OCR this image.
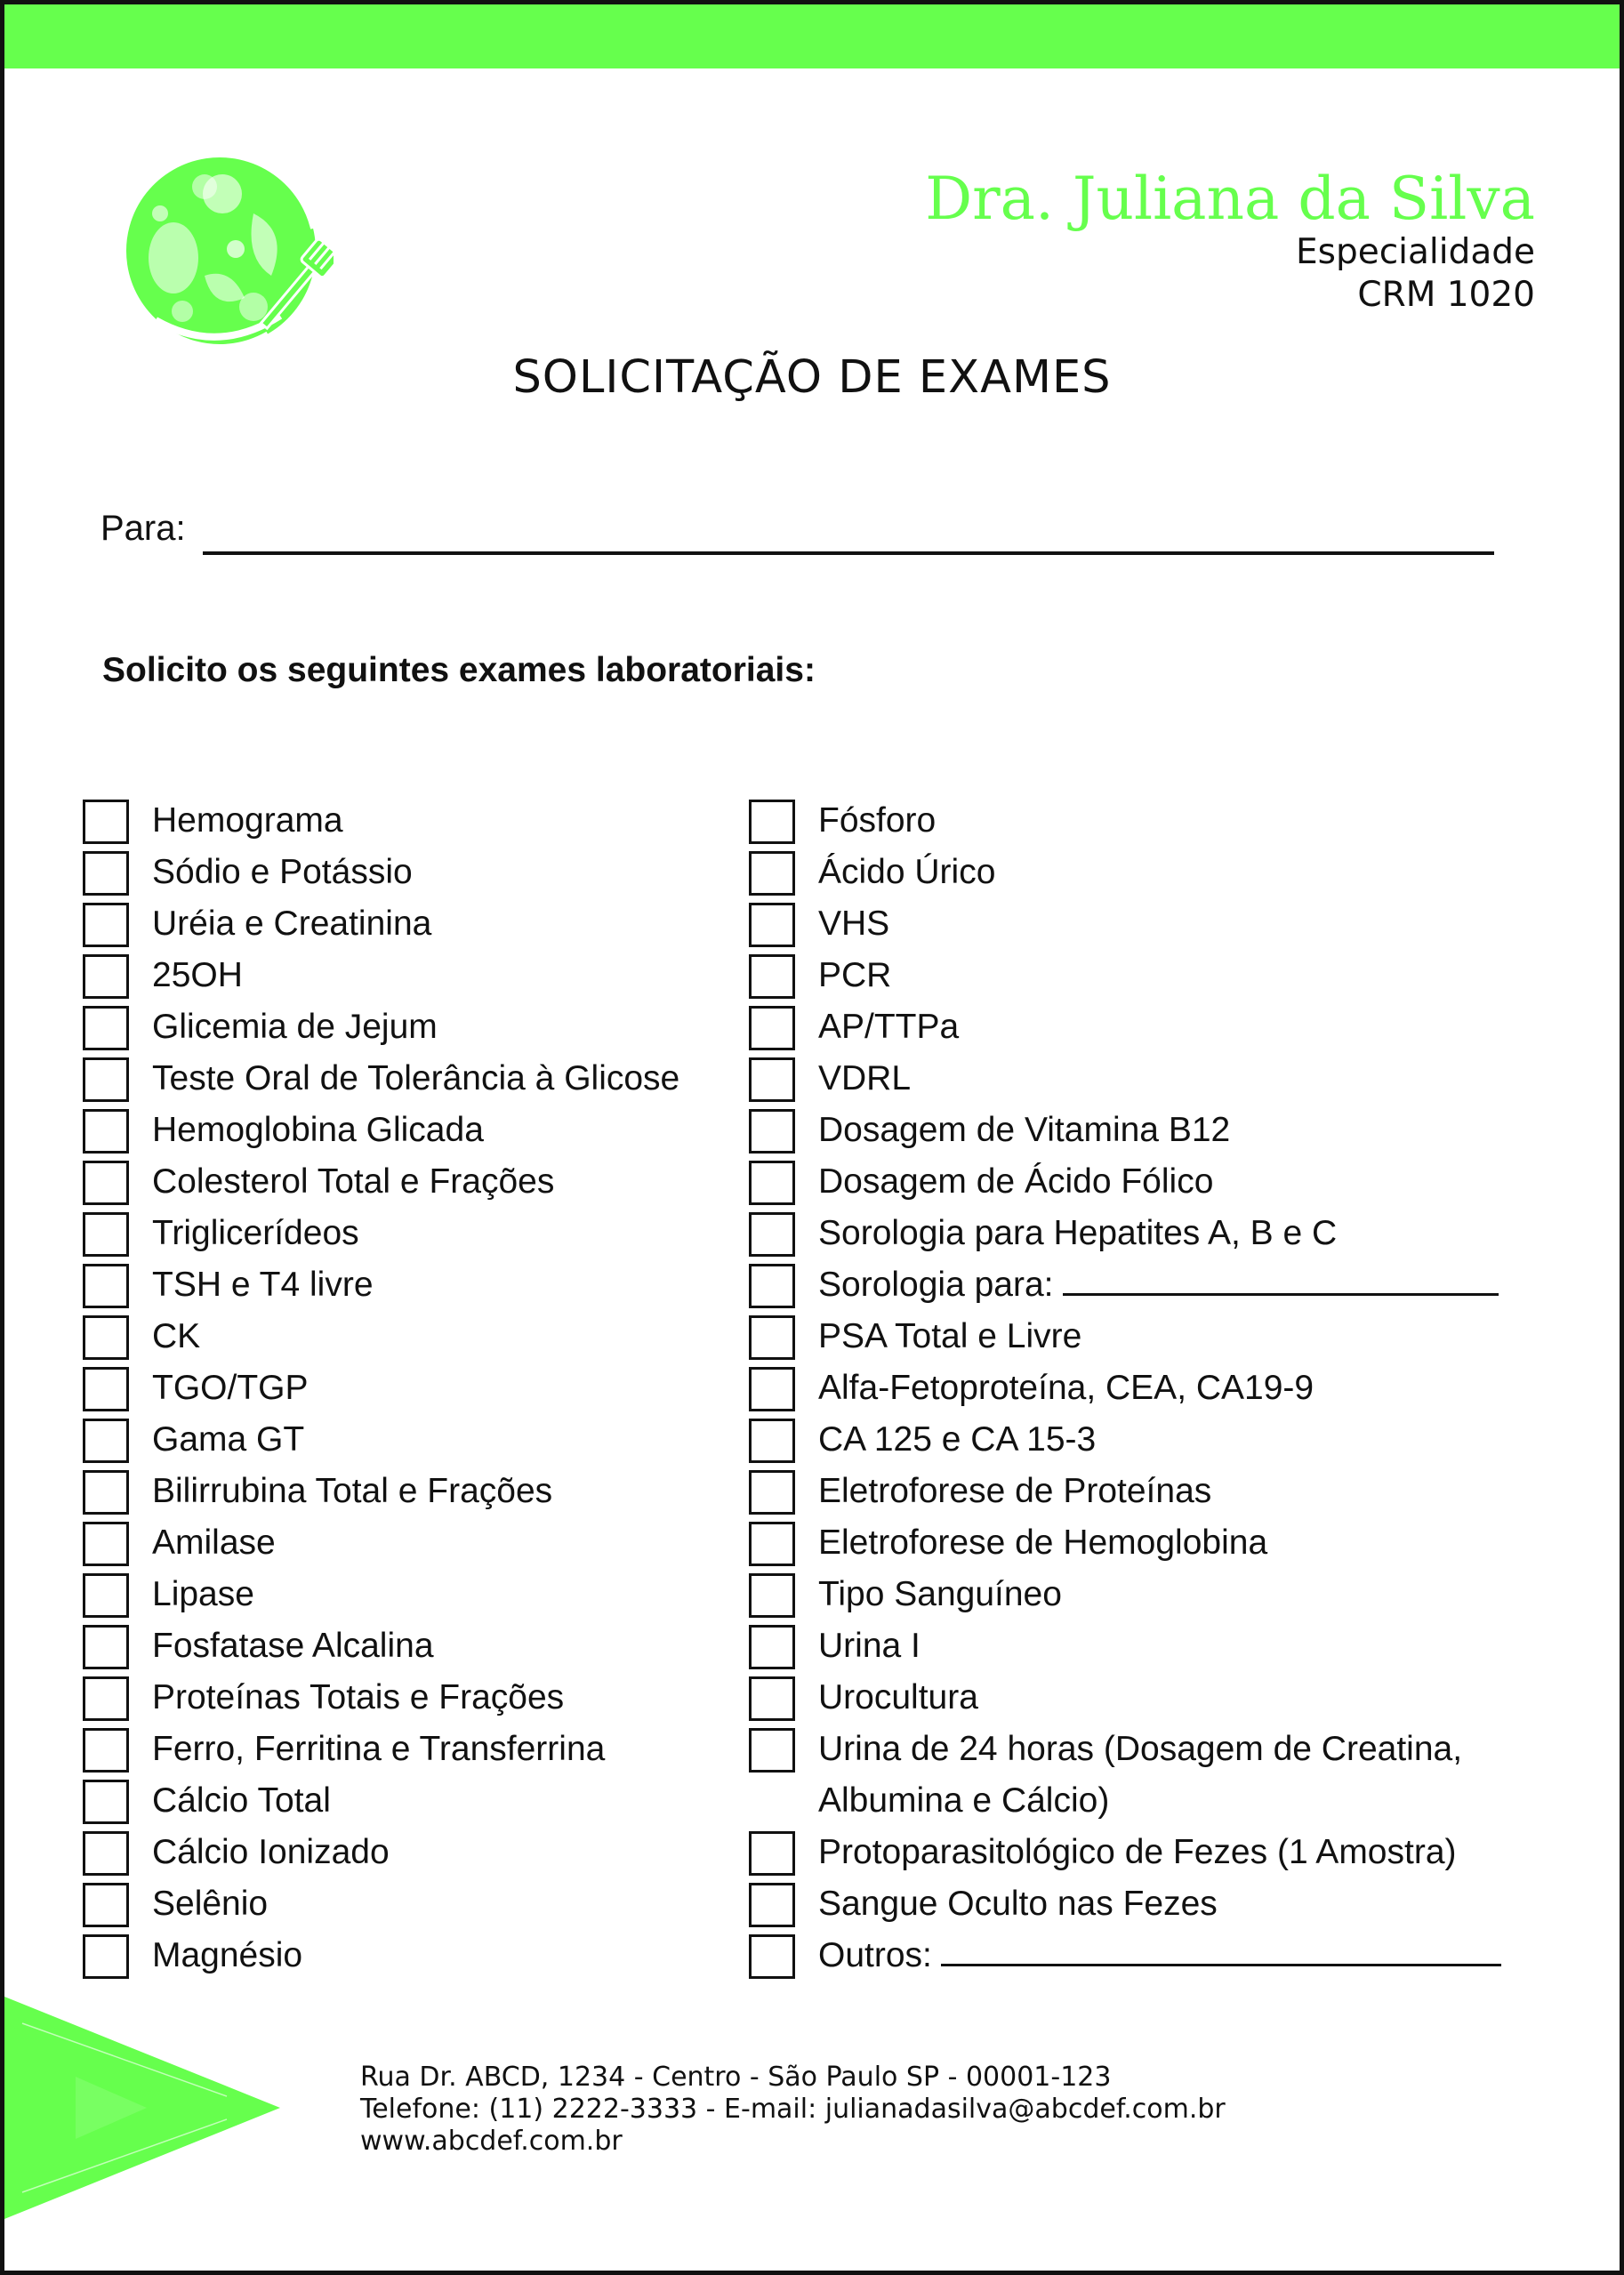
Dra. Juliana da Silva
Especialidade
CRM 1020
SOLICITAÇÃO DE EXAMES
Para:
Solicito os seguintes exames laboratoriais:
Hemograma
Sódio e Potássio
Uréia e Creatinina
25OH
Glicemia de Jejum
Teste Oral de Tolerância à Glicose
Hemoglobina Glicada
Colesterol Total e Frações
Triglicerídeos
TSH e T4 livre
CK
TGO/TGP
Gama GT
Bilirrubina Total e Frações
Amilase
Lipase
Fosfatase Alcalina
Proteínas Totais e Frações
Ferro, Ferritina e Transferrina
Cálcio Total
Cálcio Ionizado
Selênio
Magnésio
Fósforo
Ácido Úrico
VHS
PCR
AP/TTPa
VDRL
Dosagem de Vitamina B12
Dosagem de Ácido Fólico
Sorologia para Hepatites A, B e C
Sorologia para:
PSA Total e Livre
Alfa-Fetoproteína, CEA, CA19-9
CA 125 e CA 15-3
Eletroforese de Proteínas
Eletroforese de Hemoglobina
Tipo Sanguíneo
Urina I
Urocultura
Urina de 24 horas (Dosagem de Creatina,
Albumina e Cálcio)
Protoparasitológico de Fezes (1 Amostra)
Sangue Oculto nas Fezes
Outros:
Rua Dr. ABCD, 1234 - Centro - São Paulo SP - 00001-123
Telefone: (11) 2222-3333 - E-mail: julianadasilva@abcdef.com.br
www.abcdef.com.br
